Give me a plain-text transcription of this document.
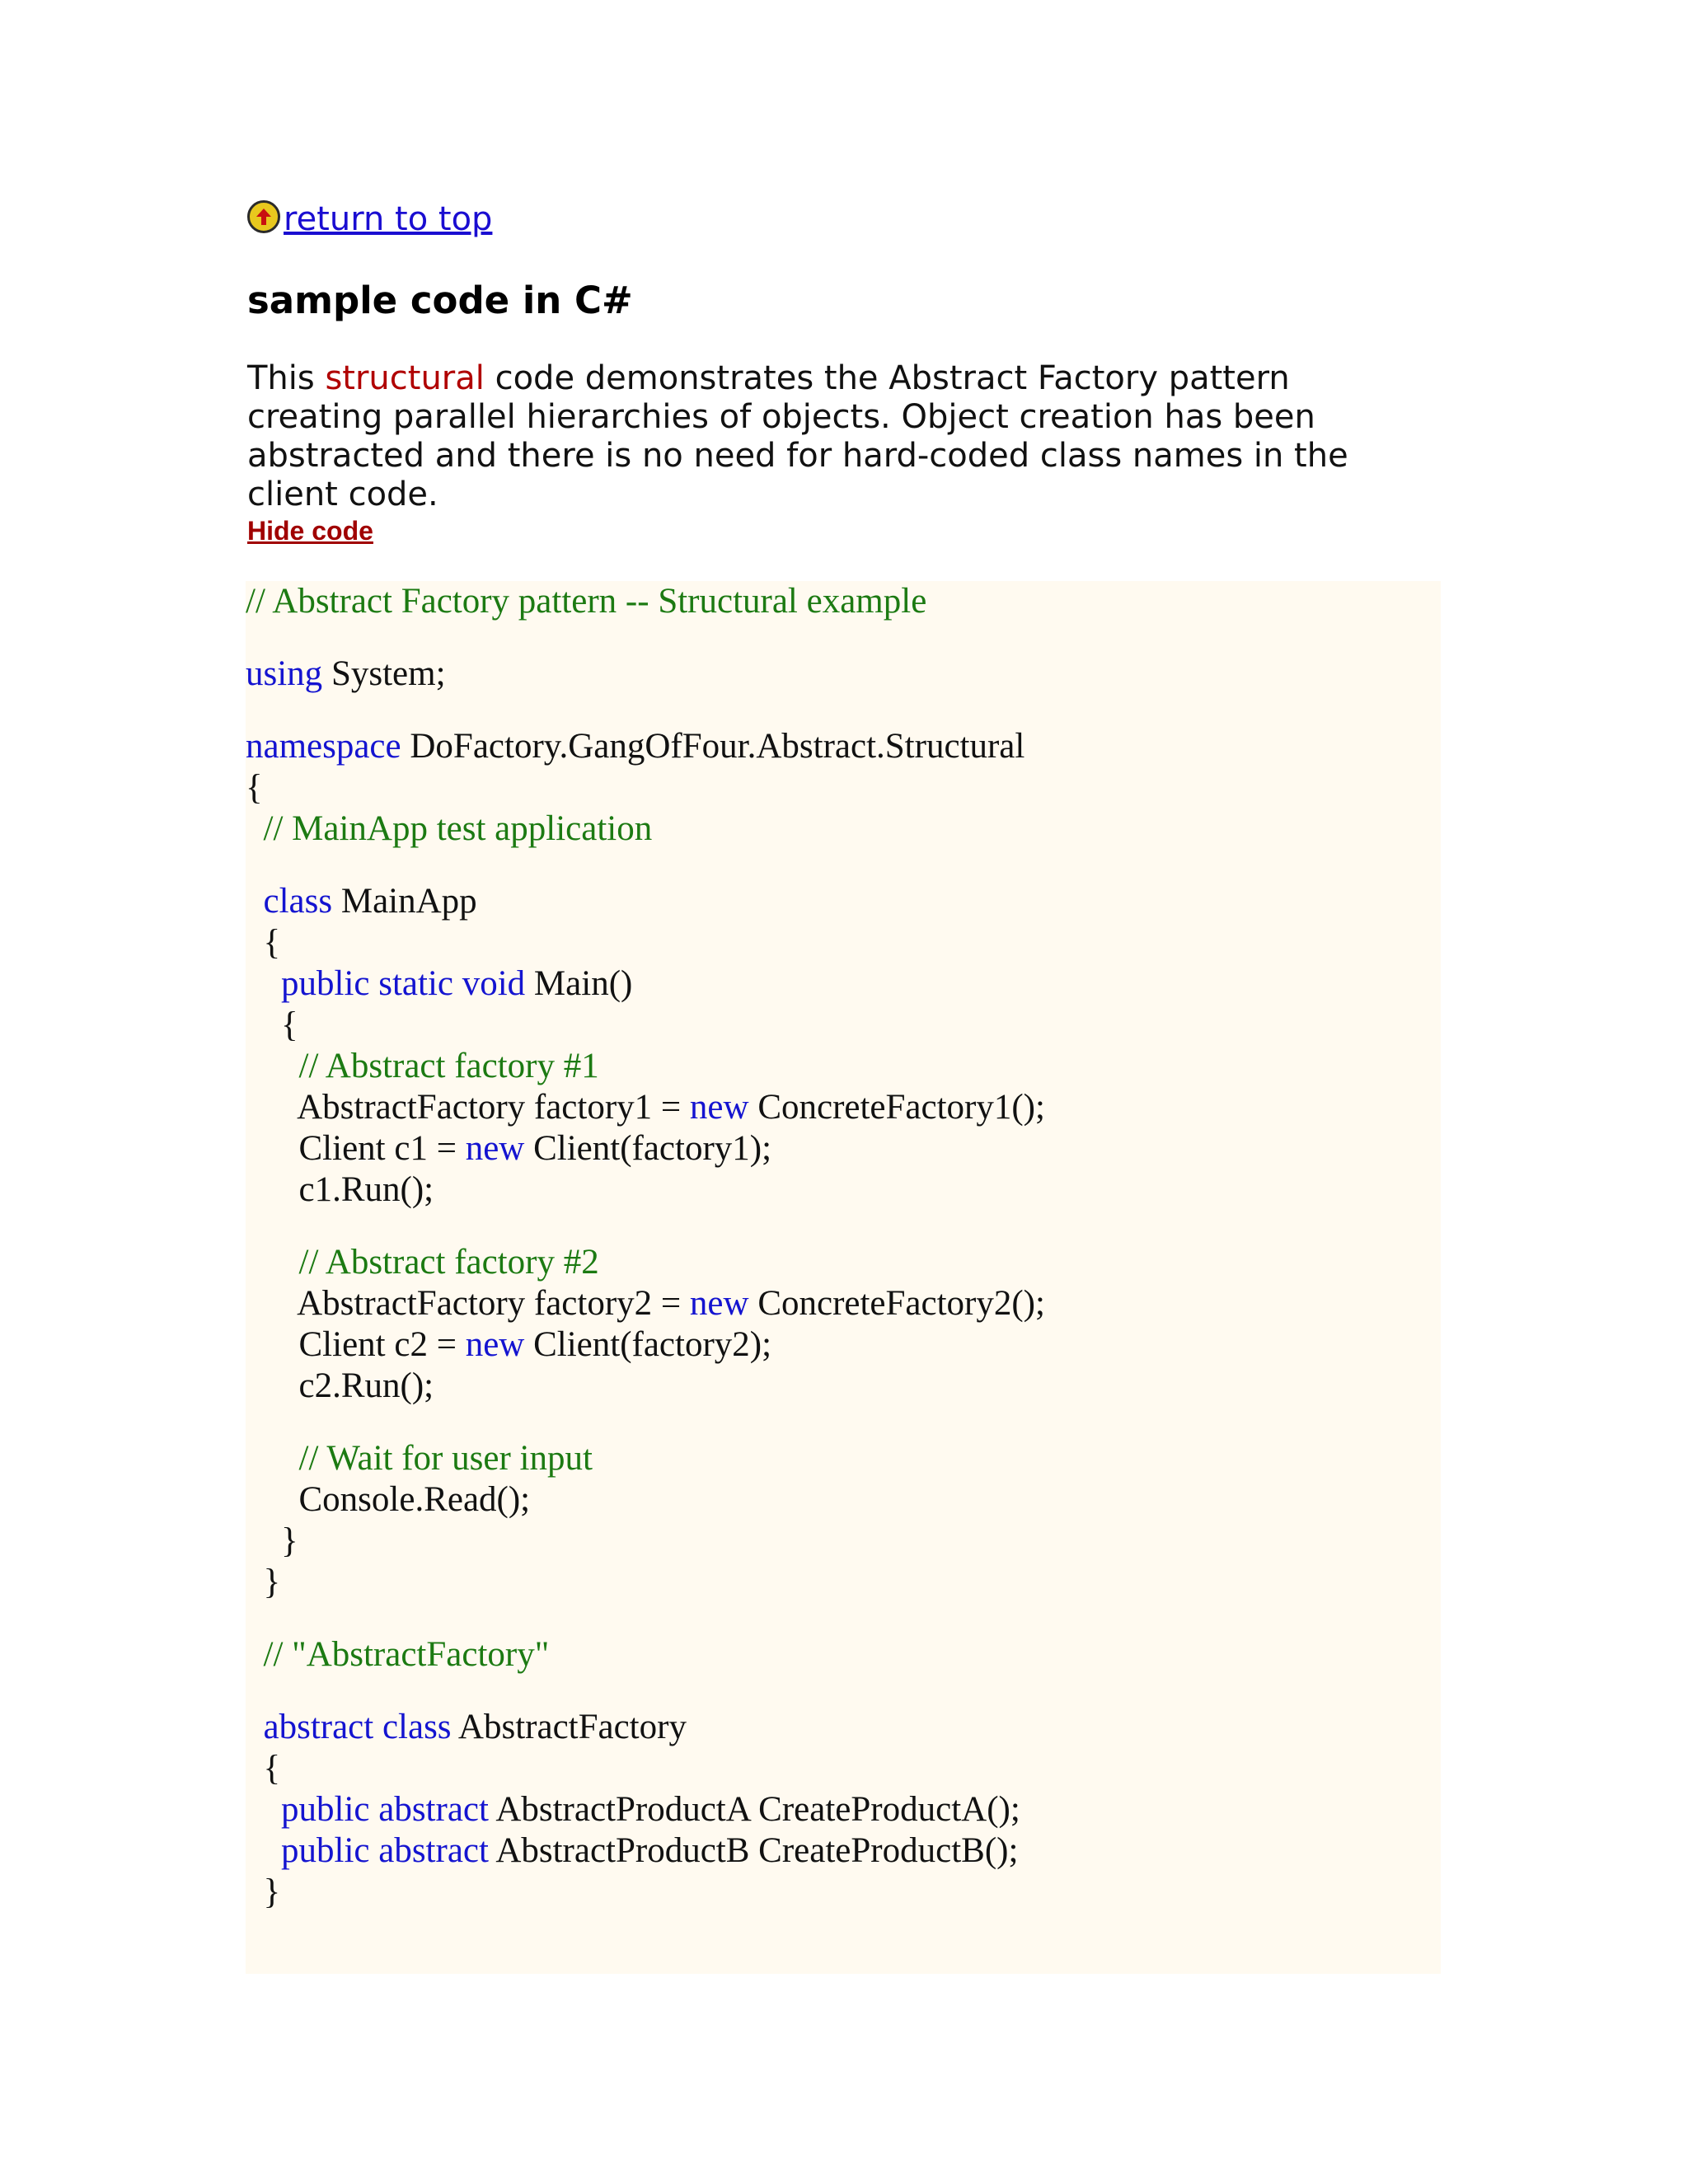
return to top
sample code in C#

This structural code demonstrates the Abstract Factory pattern creating parallel hierarchies of objects. Object creation has been abstracted and there is no need for hard-coded class names in the client code.

Hide code
// Abstract Factory pattern -- Structural example
using System;
namespace DoFactory.GangOfFour.Abstract.Structural
{
// MainApp test application
class MainApp
{
public static void Main()
{
// Abstract factory #1
AbstractFactory factory1 = new ConcreteFactory1();
Client c1 = new Client(factory1);
c1.Run();
// Abstract factory #2
AbstractFactory factory2 = new ConcreteFactory2();
Client c2 = new Client(factory2);
c2.Run();
// Wait for user input
Console.Read();
}
}
// "AbstractFactory"
abstract class AbstractFactory
{
public abstract AbstractProductA CreateProductA();
public abstract AbstractProductB CreateProductB();
}
